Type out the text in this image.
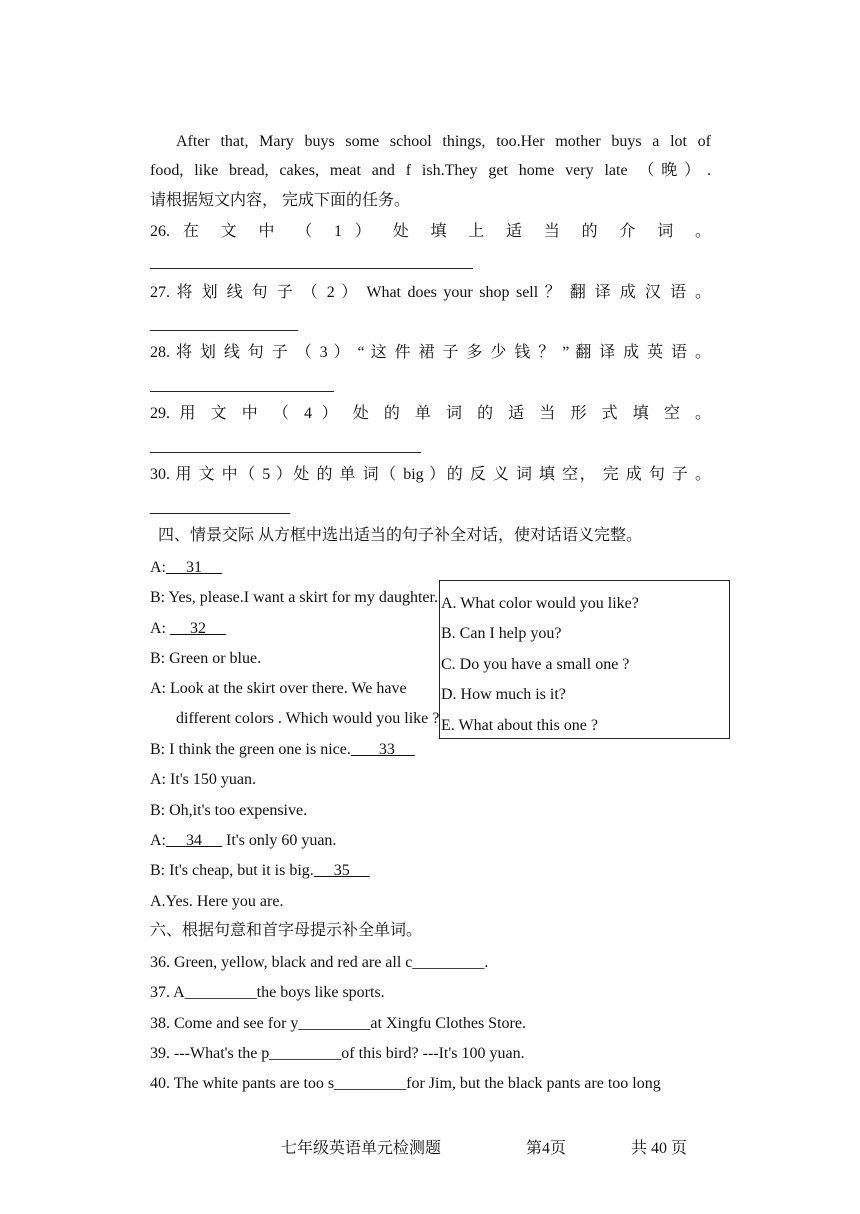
After that, Mary buys some school things, too.Her mother buys a lot of
food, like bread, cakes, meat and f ish.They get home very late （晚）.
请根据短文内容， 完成下面的任务。
26. 在 文 中 （ 1 ） 处 填 上 适 当 的 介 词 。
27. 将 划 线 句 子 （ 2 ） What does your shop sell ？ 翻 译 成 汉 语 。
28. 将 划 线 句 子 （ 3 ） “ 这 件 裙 子 多 少 钱 ？ ” 翻 译 成 英 语 。
29. 用 文 中 （ 4 ） 处 的 单 词 的 适 当 形 式 填 空 。
30. 用 文 中（ 5 ）处 的 单 词（ big ）的 反 义 词 填 空， 完 成 句 子 。
四、情景交际 从方框中选出适当的句子补全对话，使对话语义完整。
A:     31
B: Yes, please.I want a skirt for my daughter.
A:      32
B: Green or blue.
A: Look at the skirt over there. We have
different colors . Which would you like ?
B: I think the green one is nice.       33
A: It's 150 yuan.
B: Oh,it's too expensive.
A:     34      It's only 60 yuan.
B: It's cheap, but it is big.     35
A.Yes. Here you are.
A. What color would you like?
B. Can I help you?
C. Do you have a small one ?
D. How much is it?
E. What about this one ?
六、根据句意和首字母提示补全单词。
36. Green, yellow, black and red are all c_________.
37. A_________the boys like sports.
38. Come and see for y_________at Xingfu Clothes Store.
39. ---What's the p_________of this bird? ---It's 100 yuan.
40. The white pants are too s_________for Jim, but the black pants are too long
七年级英语单元检测题	第4页	共 40 页
